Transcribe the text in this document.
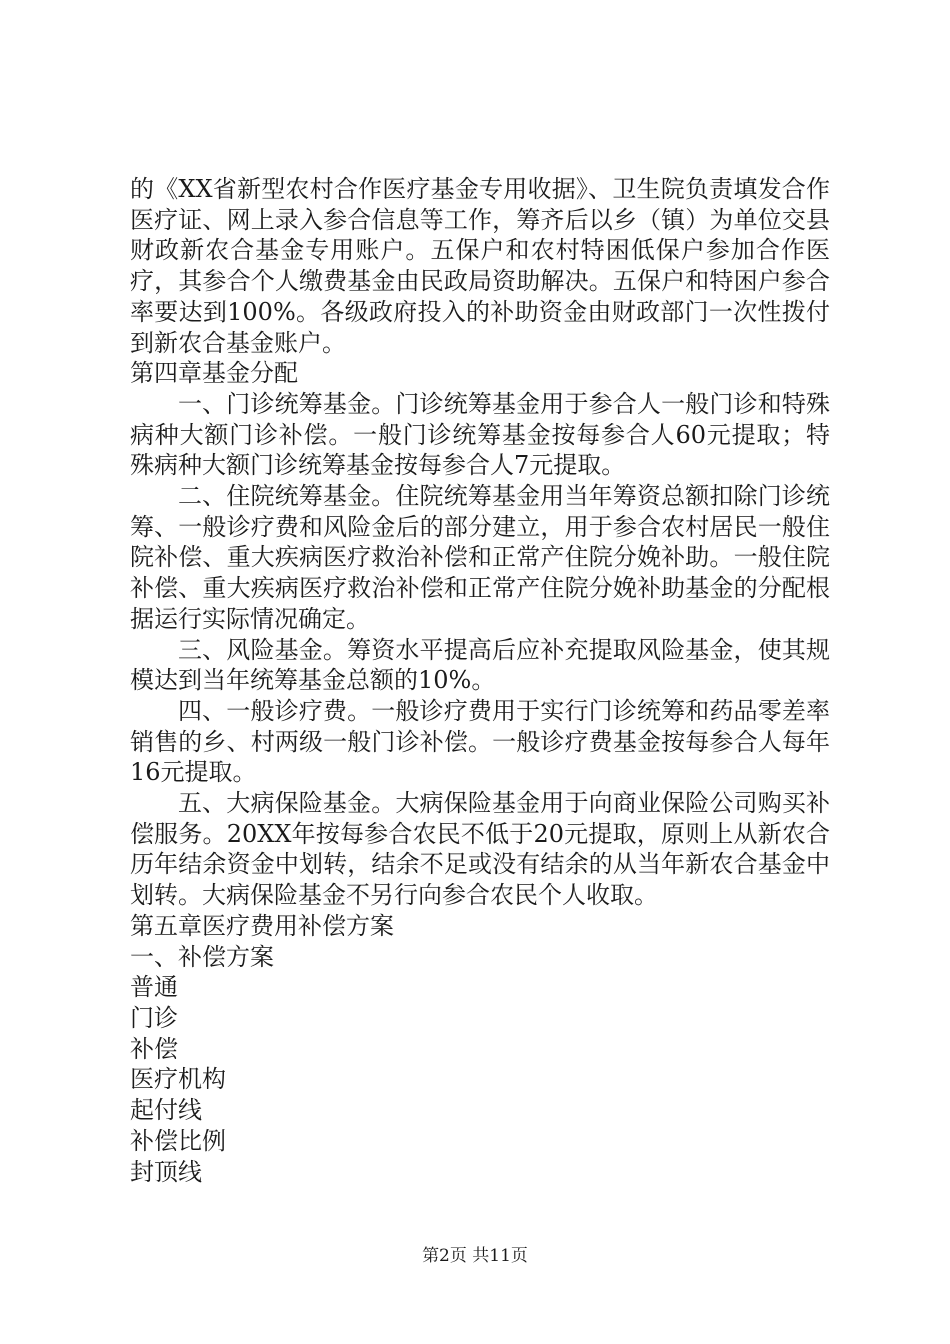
的《XX省新型农村合作医疗基金专用收据》、卫生院负责填发合作医疗证、网上录入参合信息等工作，筹齐后以乡（镇）为单位交县财政新农合基金专用账户。五保户和农村特困低保户参加合作医疗，其参合个人缴费基金由民政局资助解决。五保户和特困户参合率要达到100%。各级政府投入的补助资金由财政部门一次性拨付到新农合基金账户。

第四章基金分配

一、门诊统筹基金。门诊统筹基金用于参合人一般门诊和特殊病种大额门诊补偿。一般门诊统筹基金按每参合人60元提取；特殊病种大额门诊统筹基金按每参合人7元提取。

二、住院统筹基金。住院统筹基金用当年筹资总额扣除门诊统筹、一般诊疗费和风险金后的部分建立，用于参合农村居民一般住院补偿、重大疾病医疗救治补偿和正常产住院分娩补助。一般住院补偿、重大疾病医疗救治补偿和正常产住院分娩补助基金的分配根据运行实际情况确定。

三、风险基金。筹资水平提高后应补充提取风险基金，使其规模达到当年统筹基金总额的10%。

四、一般诊疗费。一般诊疗费用于实行门诊统筹和药品零差率销售的乡、村两级一般门诊补偿。一般诊疗费基金按每参合人每年16元提取。

五、大病保险基金。大病保险基金用于向商业保险公司购买补偿服务。20XX年按每参合农民不低于20元提取，原则上从新农合历年结余资金中划转，结余不足或没有结余的从当年新农合基金中划转。大病保险基金不另行向参合农民个人收取。

第五章医疗费用补偿方案

一、补偿方案

普通

门诊

补偿

医疗机构

起付线

补偿比例

封顶线

第2页 共11页
